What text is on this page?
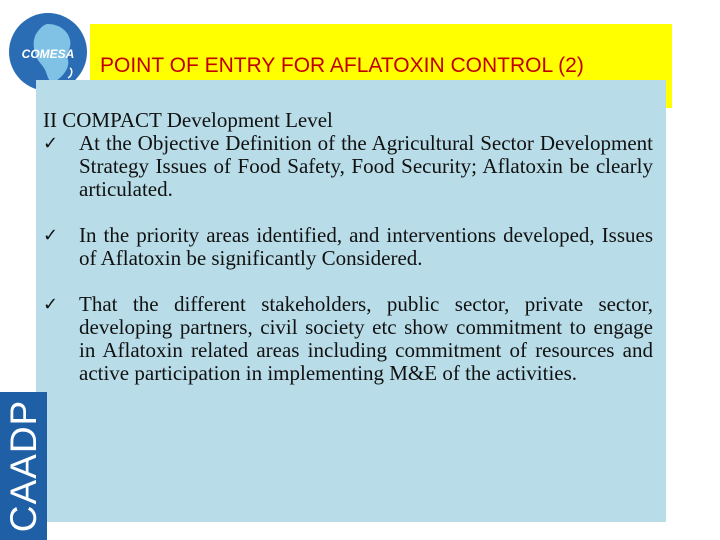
COMESA POINT OF ENTRY FOR AFLATOXIN CONTROL (2)

II COMPACT Development Level

✓ At the Objective Definition of the Agricultural Sector Development Strategy Issues of Food Safety, Food Security; Aflatoxin be clearly articulated.

✓ In the priority areas identified, and interventions developed, Issues of Aflatoxin be significantly Considered.

✓ That the different stakeholders, public sector, private sector, developing partners, civil society etc show commitment to engage in Aflatoxin related areas including commitment of resources and active participation in implementing M&E of the activities.

CAADP
